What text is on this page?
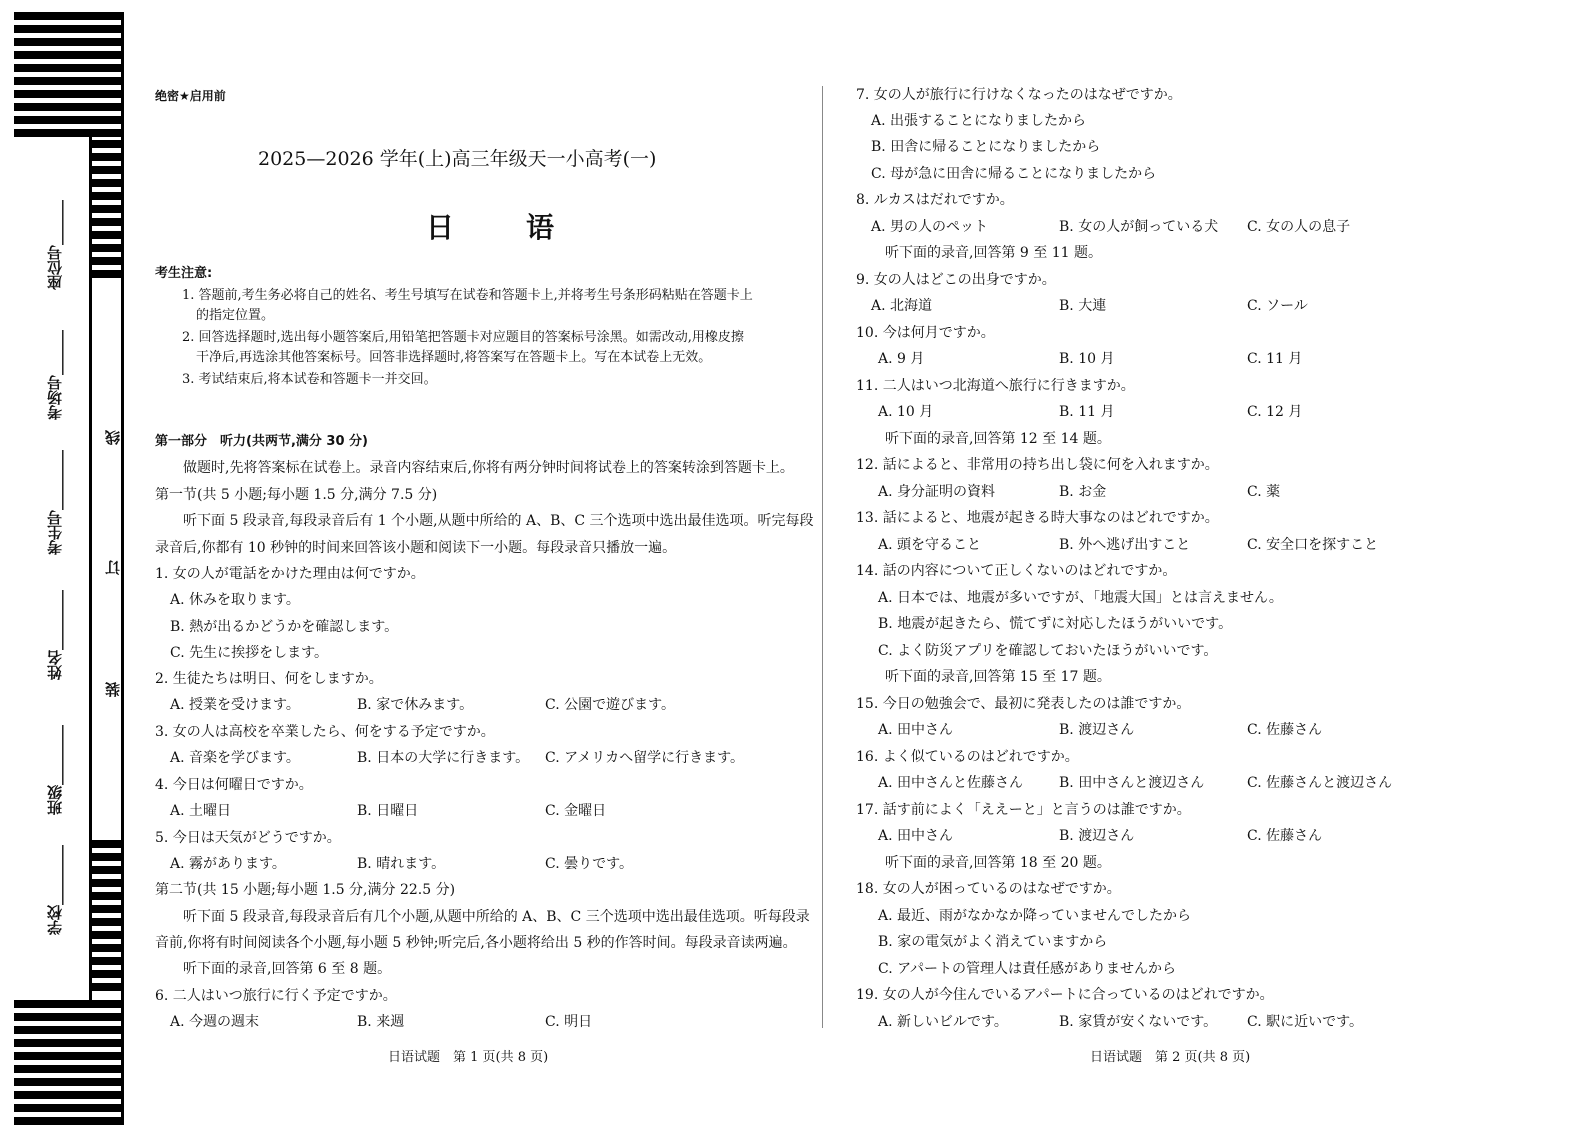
座位号______
考场号______
考生号________
姓名________
班级________
学校________
线
订
装
绝密★启用前
2025—2026 学年(上)高三年级天一小高考(一)
日　语
考生注意:
1. 答题前,考生务必将自己的姓名、考生号填写在试卷和答题卡上,并将考生号条形码粘贴在答题卡上
的指定位置。
2. 回答选择题时,选出每小题答案后,用铅笔把答题卡对应题目的答案标号涂黑。如需改动,用橡皮擦
干净后,再选涂其他答案标号。回答非选择题时,将答案写在答题卡上。写在本试卷上无效。
3. 考试结束后,将本试卷和答题卡一并交回。
第一部分　听力(共两节,满分 30 分)
做题时,先将答案标在试卷上。录音内容结束后,你将有两分钟时间将试卷上的答案转涂到答题卡上。
第一节(共 5 小题;每小题 1.5 分,满分 7.5 分)
听下面 5 段录音,每段录音后有 1 个小题,从题中所给的 A、B、C 三个选项中选出最佳选项。听完每段
录音后,你都有 10 秒钟的时间来回答该小题和阅读下一小题。每段录音只播放一遍。
1. 女の人が電話をかけた理由は何ですか。
A. 休みを取ります。
B. 熱が出るかどうかを確認します。
C. 先生に挨拶をします。
2. 生徒たちは明日、何をしますか。
A. 授業を受けます。	B. 家で休みます。	C. 公園で遊びます。
3. 女の人は高校を卒業したら、何をする予定ですか。
A. 音楽を学びます。	B. 日本の大学に行きます。 C. アメリカへ留学に行きます。
4. 今日は何曜日ですか。
A. 土曜日	B. 日曜日	C. 金曜日
5. 今日は天気がどうですか。
A. 霧があります。	B. 晴れます。	C. 曇りです。
第二节(共 15 小题;每小题 1.5 分,满分 22.5 分)
听下面 5 段录音,每段录音后有几个小题,从题中所给的 A、B、C 三个选项中选出最佳选项。听每段录
音前,你将有时间阅读各个小题,每小题 5 秒钟;听完后,各小题将给出 5 秒的作答时间。每段录音读两遍。
听下面的录音,回答第 6 至 8 题。
6. 二人はいつ旅行に行く予定ですか。
A. 今週の週末	B. 来週	C. 明日
日语试题　第 1 页(共 8 页)
7. 女の人が旅行に行けなくなったのはなぜですか。
A. 出張することになりましたから
B. 田舎に帰ることになりましたから
C. 母が急に田舎に帰ることになりましたから
8. ルカスはだれですか。
A. 男の人のペット	B. 女の人が飼っている犬 C. 女の人の息子
听下面的录音,回答第 9 至 11 题。
9. 女の人はどこの出身ですか。
A. 北海道	B. 大連	C. ソール
10. 今は何月ですか。
A. 9 月	B. 10 月	C. 11 月
11. 二人はいつ北海道へ旅行に行きますか。
A. 10 月	B. 11 月	C. 12 月
听下面的录音,回答第 12 至 14 题。
12. 話によると、非常用の持ち出し袋に何を入れますか。
A. 身分証明の資料	B. お金	C. 薬
13. 話によると、地震が起きる時大事なのはどれですか。
A. 頭を守ること	B. 外へ逃げ出すこと	C. 安全口を探すこと
14. 話の内容について正しくないのはどれですか。
A. 日本では、地震が多いですが、「地震大国」とは言えません。
B. 地震が起きたら、慌てずに対応したほうがいいです。
C. よく防災アプリを確認しておいたほうがいいです。
听下面的录音,回答第 15 至 17 题。
15. 今日の勉強会で、最初に発表したのは誰ですか。
A. 田中さん	B. 渡辺さん	C. 佐藤さん
16. よく似ているのはどれですか。
A. 田中さんと佐藤さん	B. 田中さんと渡辺さん	C. 佐藤さんと渡辺さん
17. 話す前によく「ええーと」と言うのは誰ですか。
A. 田中さん	B. 渡辺さん	C. 佐藤さん
听下面的录音,回答第 18 至 20 题。
18. 女の人が困っているのはなぜですか。
A. 最近、雨がなかなか降っていませんでしたから
B. 家の電気がよく消えていますから
C. アパートの管理人は責任感がありませんから
19. 女の人が今住んでいるアパートに合っているのはどれですか。
A. 新しいビルです。	B. 家賃が安くないです。 C. 駅に近いです。
日语试题　第 2 页(共 8 页)
